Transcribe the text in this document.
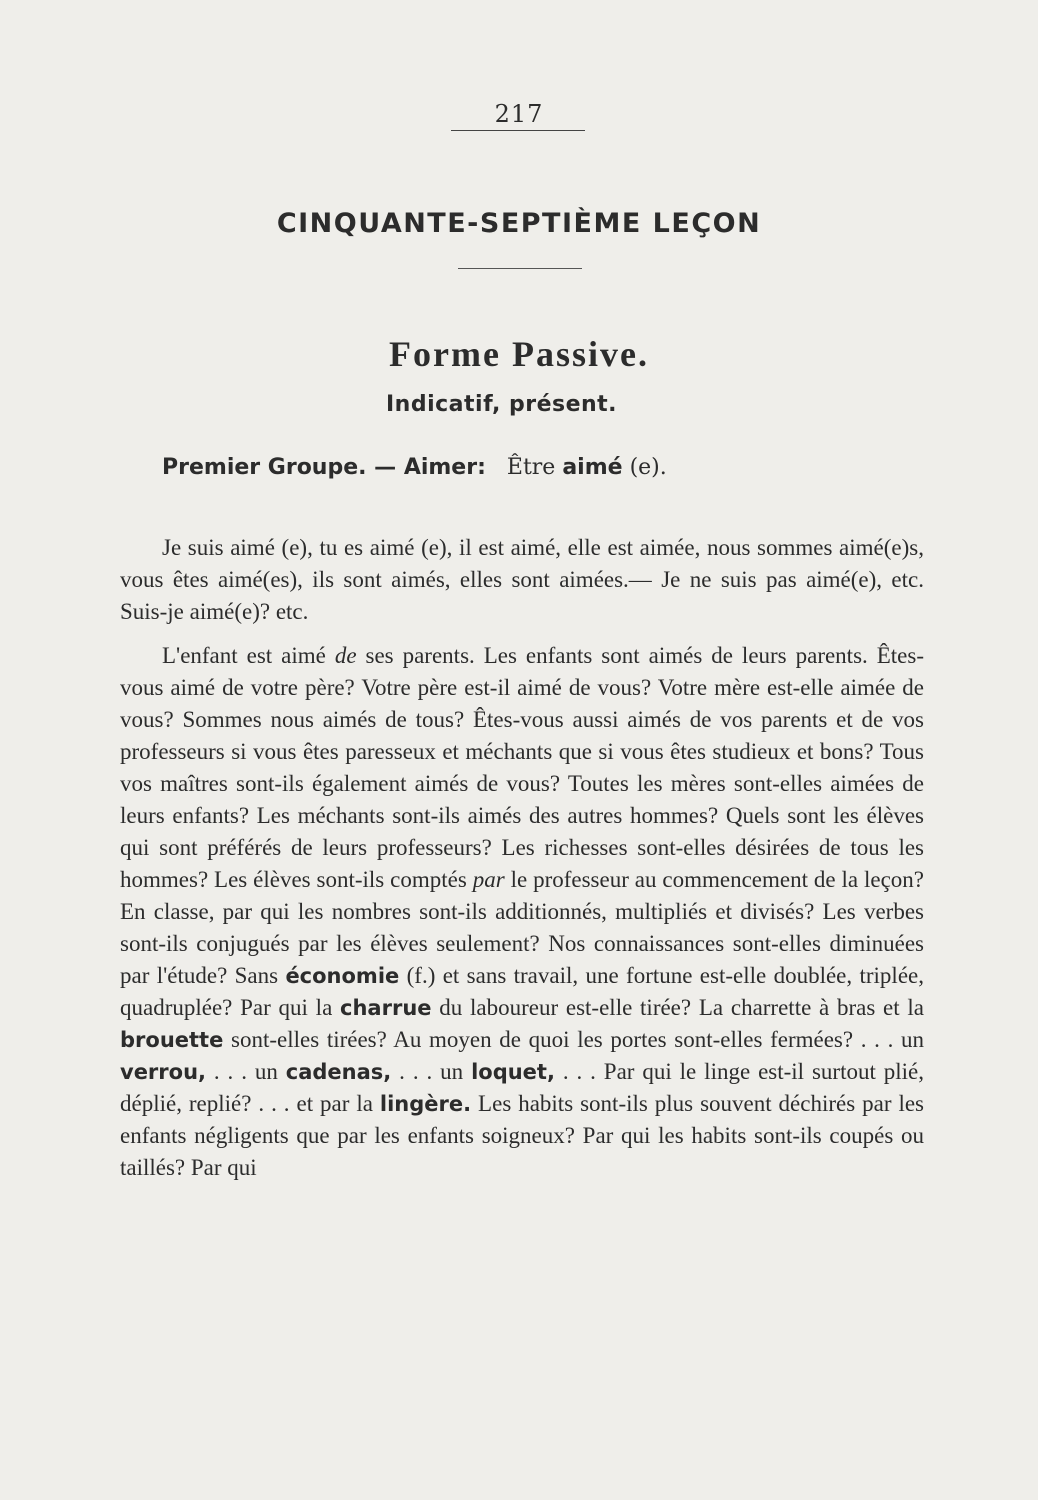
217
CINQUANTE-SEPTIÈME LEÇON
Forme Passive.
Indicatif, présent.
Premier Groupe. — Aimer: Être aimé (e).

Je suis aimé (e), tu es aimé (e), il est aimé, elle est aimée, nous sommes aimé(e)s, vous êtes aimé(es), ils sont aimés, elles sont aimées.— Je ne suis pas aimé(e), etc. Suis-je aimé(e)? etc.

L'enfant est aimé de ses parents. Les enfants sont aimés de leurs parents. Êtes-vous aimé de votre père? Votre père est-il aimé de vous? Votre mère est-elle aimée de vous? Sommes nous aimés de tous? Êtes-vous aussi aimés de vos parents et de vos professeurs si vous êtes paresseux et méchants que si vous êtes studieux et bons? Tous vos maîtres sont-ils également aimés de vous? Toutes les mères sont-elles aimées de leurs enfants? Les méchants sont-ils aimés des autres hommes? Quels sont les élèves qui sont préférés de leurs professeurs? Les richesses sont-elles désirées de tous les hommes? Les élèves sont-ils comptés par le professeur au commencement de la leçon? En classe, par qui les nombres sont-ils additionnés, multipliés et divisés? Les verbes sont-ils conjugués par les élèves seulement? Nos connaissances sont-elles diminuées par l'étude? Sans économie (f.) et sans travail, une fortune est-elle doublée, triplée, quadruplée? Par qui la charrue du laboureur est-elle tirée? La charrette à bras et la brouette sont-elles tirées? Au moyen de quoi les portes sont-elles fermées? . . . un verrou, . . . un cadenas, . . . un loquet, . . . Par qui le linge est-il surtout plié, déplié, replié? . . . et par la lingère. Les habits sont-ils plus souvent déchirés par les enfants négligents que par les enfants soigneux? Par qui les habits sont-ils coupés ou taillés? Par qui
